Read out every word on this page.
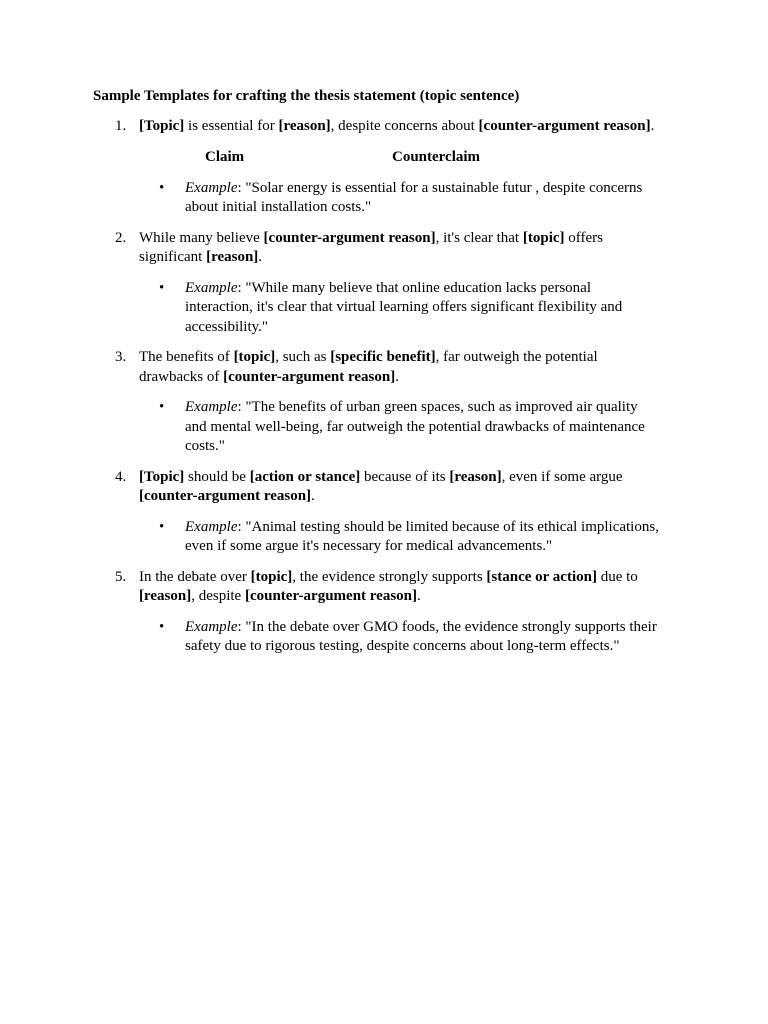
Sample Templates for crafting the thesis statement (topic sentence)
1. [Topic] is essential for [reason], despite concerns about [counter-argument reason].
Claim	Counterclaim
• Example: "Solar energy is essential for a sustainable futur , despite concerns
about initial installation costs."
2. While many believe [counter-argument reason], it's clear that [topic] offers
significant [reason].
• Example: "While many believe that online education lacks personal
interaction, it's clear that virtual learning offers significant flexibility and
accessibility."
3. The benefits of [topic], such as [specific benefit], far outweigh the potential
drawbacks of [counter-argument reason].
• Example: "The benefits of urban green spaces, such as improved air quality
and mental well-being, far outweigh the potential drawbacks of maintenance
costs."
4. [Topic] should be [action or stance] because of its [reason], even if some argue
[counter-argument reason].
• Example: "Animal testing should be limited because of its ethical implications,
even if some argue it's necessary for medical advancements."
5. In the debate over [topic], the evidence strongly supports [stance or action] due to
[reason], despite [counter-argument reason].
• Example: "In the debate over GMO foods, the evidence strongly supports their
safety due to rigorous testing, despite concerns about long-term effects."
